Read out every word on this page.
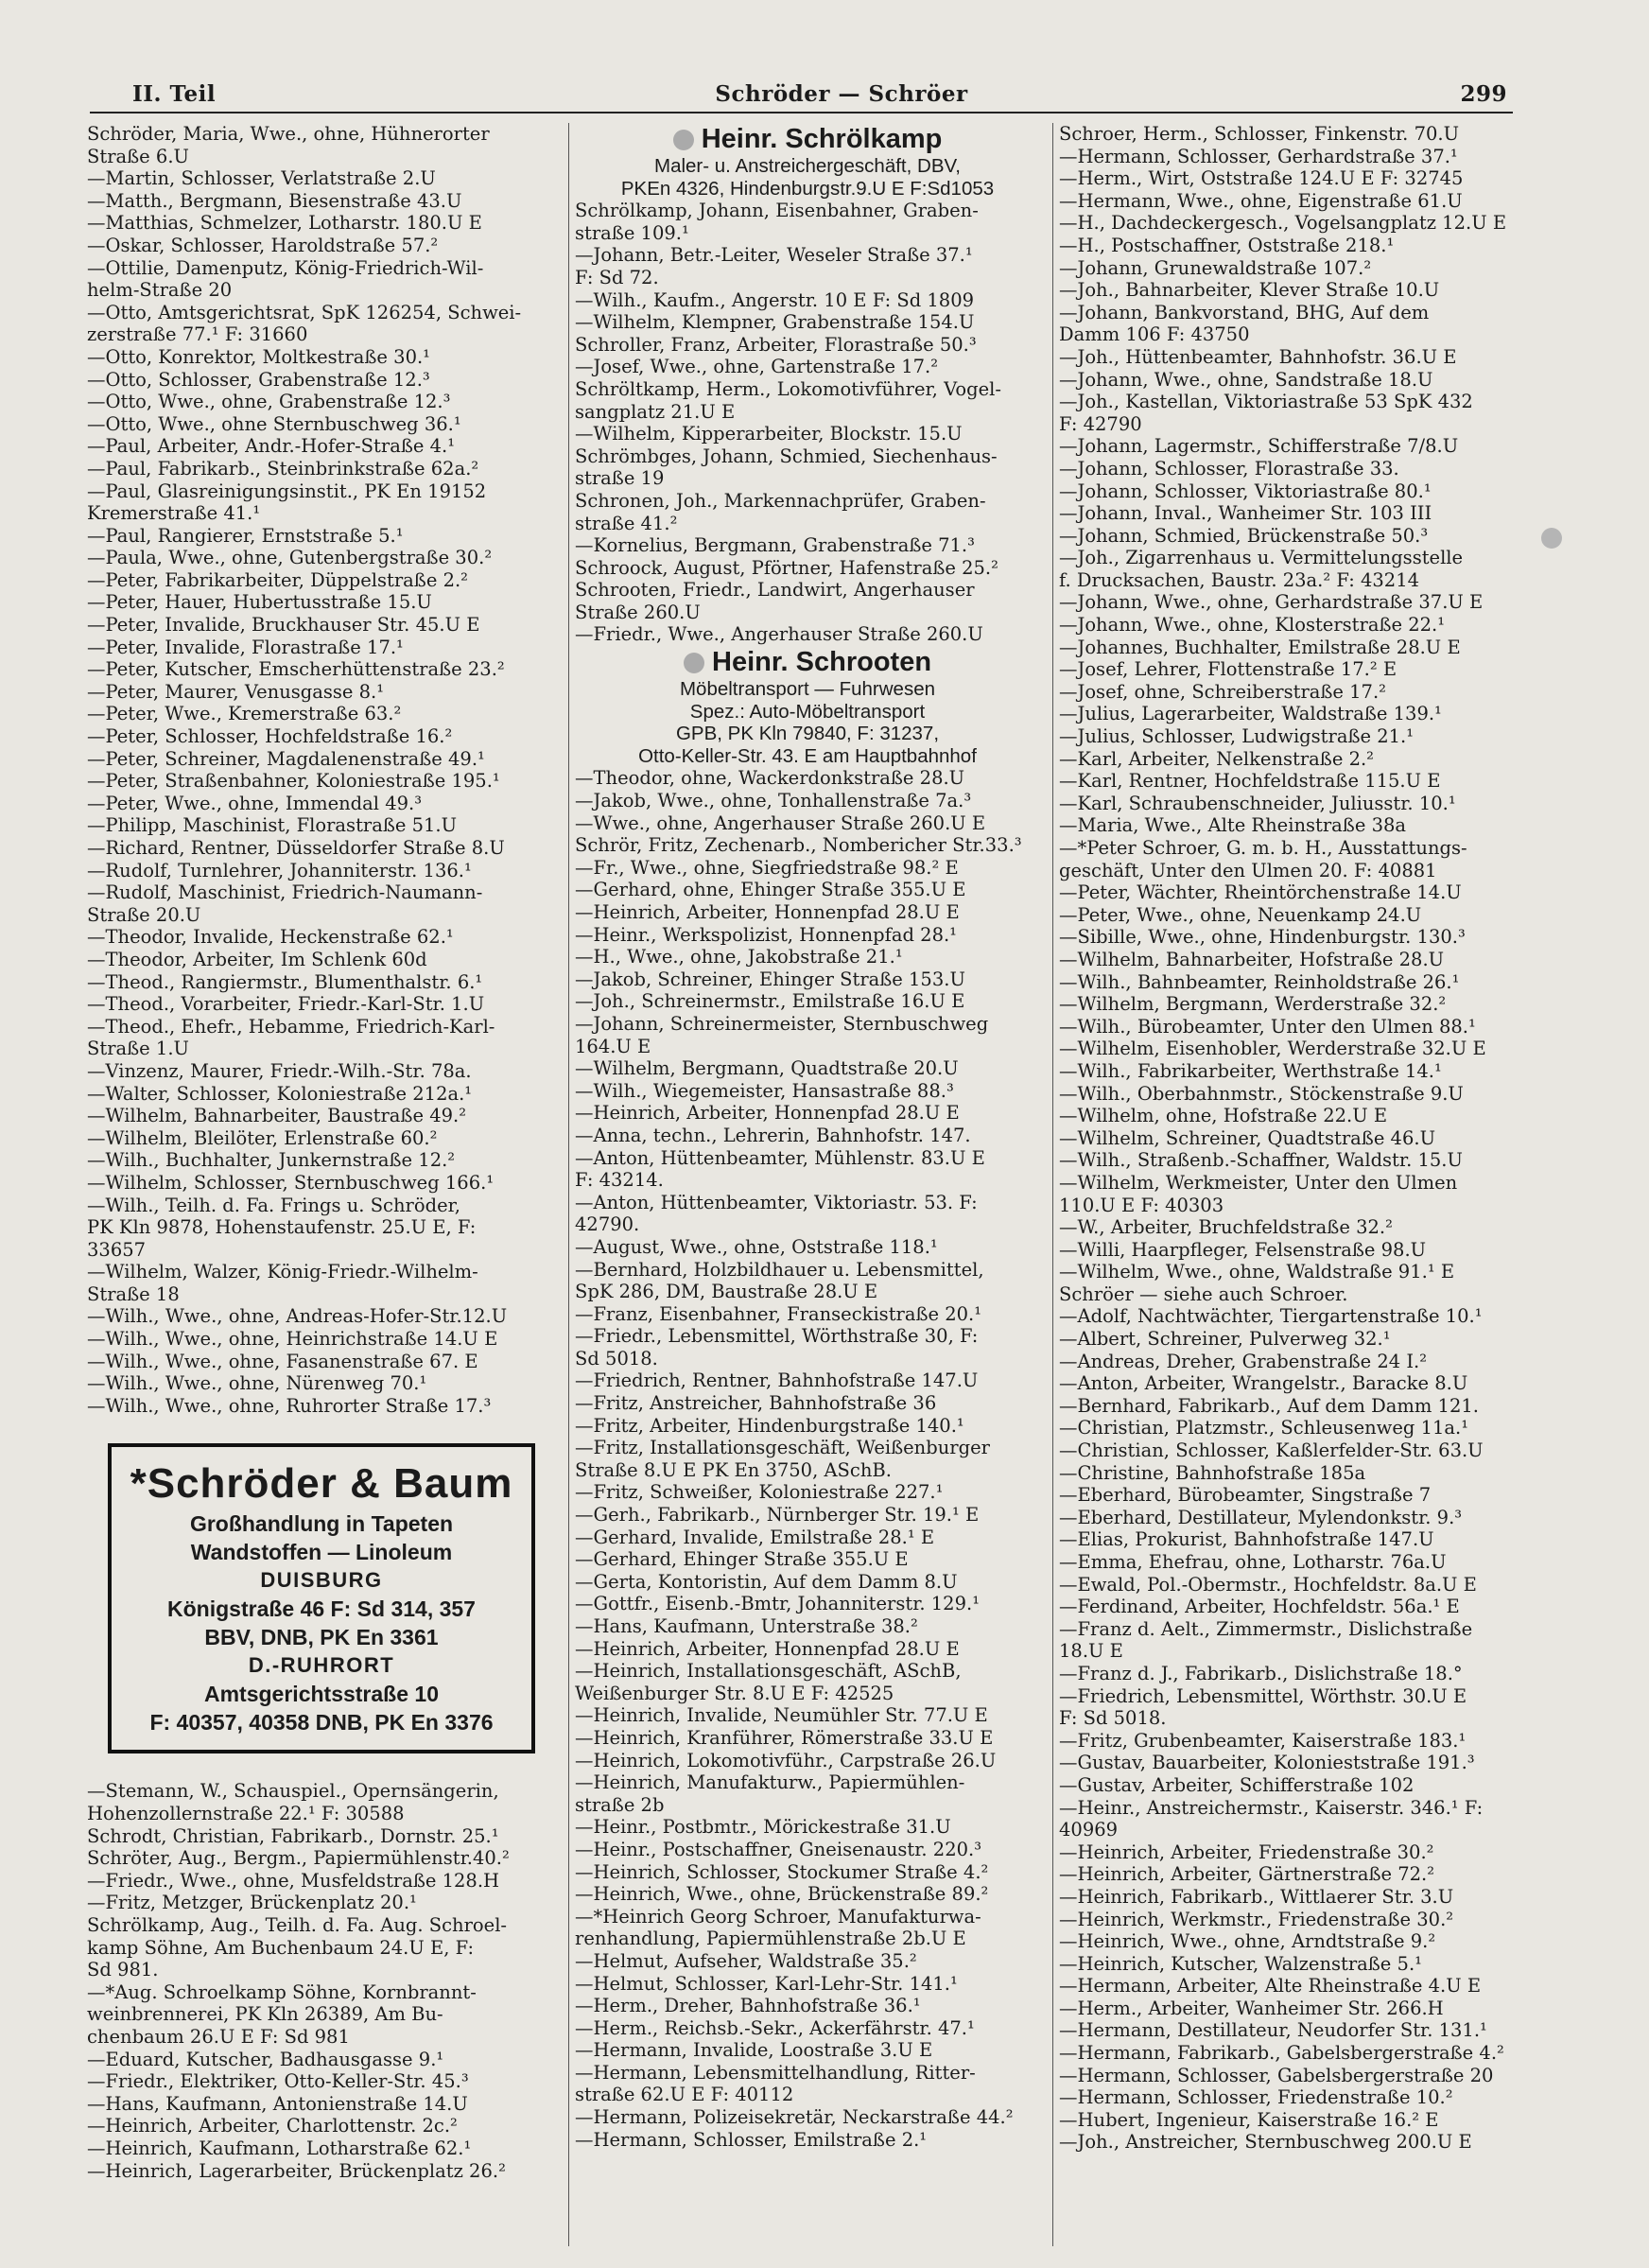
II. Teil	Schröder — Schröer	299
Schröder, Maria, Wwe., ohne, Hühnerorter
Straße 6.U
—Martin, Schlosser, Verlatstraße 2.U
—Matth., Bergmann, Biesenstraße 43.U
—Matthias, Schmelzer, Lotharstr. 180.U E
—Oskar, Schlosser, Haroldstraße 57.²
—Ottilie, Damenputz, König-Friedrich-Wil-
helm-Straße 20
—Otto, Amtsgerichtsrat, SpK 126254, Schwei-
zerstraße 77.¹ F: 31660
—Otto, Konrektor, Moltkestraße 30.¹
—Otto, Schlosser, Grabenstraße 12.³
—Otto, Wwe., ohne, Grabenstraße 12.³
—Otto, Wwe., ohne Sternbuschweg 36.¹
—Paul, Arbeiter, Andr.-Hofer-Straße 4.¹
—Paul, Fabrikarb., Steinbrinkstraße 62a.²
—Paul, Glasreinigungsinstit., PK En 19152
Kremerstraße 41.¹
—Paul, Rangierer, Ernststraße 5.¹
—Paula, Wwe., ohne, Gutenbergstraße 30.²
—Peter, Fabrikarbeiter, Düppelstraße 2.²
—Peter, Hauer, Hubertusstraße 15.U
—Peter, Invalide, Bruckhauser Str. 45.U E
—Peter, Invalide, Florastraße 17.¹
—Peter, Kutscher, Emscherhüttenstraße 23.²
—Peter, Maurer, Venusgasse 8.¹
—Peter, Wwe., Kremerstraße 63.²
—Peter, Schlosser, Hochfeldstraße 16.²
—Peter, Schreiner, Magdalenenstraße 49.¹
—Peter, Straßenbahner, Koloniestraße 195.¹
—Peter, Wwe., ohne, Immendal 49.³
—Philipp, Maschinist, Florastraße 51.U
—Richard, Rentner, Düsseldorfer Straße 8.U
—Rudolf, Turnlehrer, Johanniterstr. 136.¹
—Rudolf, Maschinist, Friedrich-Naumann-
Straße 20.U
—Theodor, Invalide, Heckenstraße 62.¹
—Theodor, Arbeiter, Im Schlenk 60d
—Theod., Rangiermstr., Blumenthalstr. 6.¹
—Theod., Vorarbeiter, Friedr.-Karl-Str. 1.U
—Theod., Ehefr., Hebamme, Friedrich-Karl-
Straße 1.U
—Vinzenz, Maurer, Friedr.-Wilh.-Str. 78a.
—Walter, Schlosser, Koloniestraße 212a.¹
—Wilhelm, Bahnarbeiter, Baustraße 49.²
—Wilhelm, Bleilöter, Erlenstraße 60.²
—Wilh., Buchhalter, Junkernstraße 12.²
—Wilhelm, Schlosser, Sternbuschweg 166.¹
—Wilh., Teilh. d. Fa. Frings u. Schröder,
PK Kln 9878, Hohenstaufenstr. 25.U E, F:
33657
—Wilhelm, Walzer, König-Friedr.-Wilhelm-
Straße 18
—Wilh., Wwe., ohne, Andreas-Hofer-Str.12.U
—Wilh., Wwe., ohne, Heinrichstraße 14.U E
—Wilh., Wwe., ohne, Fasanenstraße 67. E
—Wilh., Wwe., ohne, Nürenweg 70.¹
—Wilh., Wwe., ohne, Ruhrorter Straße 17.³
*Schröder & Baum
Großhandlung in Tapeten
Wandstoffen — Linoleum
DUISBURG
Königstraße 46 F: Sd 314, 357
BBV, DNB, PK En 3361
D.-RUHRORT
Amtsgerichtsstraße 10
F: 40357, 40358 DNB, PK En 3376
—Stemann, W., Schauspiel., Opernsängerin,
Hohenzollernstraße 22.¹ F: 30588
Schrodt, Christian, Fabrikarb., Dornstr. 25.¹
Schröter, Aug., Bergm., Papiermühlenstr.40.²
—Friedr., Wwe., ohne, Musfeldstraße 128.H
—Fritz, Metzger, Brückenplatz 20.¹
Schrölkamp, Aug., Teilh. d. Fa. Aug. Schroel-
kamp Söhne, Am Buchenbaum 24.U E, F:
Sd 981.
—*Aug. Schroelkamp Söhne, Kornbrannt-
weinbrennerei, PK Kln 26389, Am Bu-
chenbaum 26.U E F: Sd 981
—Eduard, Kutscher, Badhausgasse 9.¹
—Friedr., Elektriker, Otto-Keller-Str. 45.³
—Hans, Kaufmann, Antonienstraße 14.U
—Heinrich, Arbeiter, Charlottenstr. 2c.²
—Heinrich, Kaufmann, Lotharstraße 62.¹
—Heinrich, Lagerarbeiter, Brückenplatz 26.²
Heinr. Schrölkamp
Maler- u. Anstreichergeschäft, DBV,
PKEn 4326, Hindenburgstr.9.U E F:Sd1053
Schrölkamp, Johann, Eisenbahner, Graben-
straße 109.¹
—Johann, Betr.-Leiter, Weseler Straße 37.¹
F: Sd 72.
—Wilh., Kaufm., Angerstr. 10 E F: Sd 1809
—Wilhelm, Klempner, Grabenstraße 154.U
Schroller, Franz, Arbeiter, Florastraße 50.³
—Josef, Wwe., ohne, Gartenstraße 17.²
Schröltkamp, Herm., Lokomotivführer, Vogel-
sangplatz 21.U E
—Wilhelm, Kipperarbeiter, Blockstr. 15.U
Schrömbges, Johann, Schmied, Siechenhaus-
straße 19
Schronen, Joh., Markennachprüfer, Graben-
straße 41.²
—Kornelius, Bergmann, Grabenstraße 71.³
Schroock, August, Pförtner, Hafenstraße 25.²
Schrooten, Friedr., Landwirt, Angerhauser
Straße 260.U
—Friedr., Wwe., Angerhauser Straße 260.U
Heinr. Schrooten
Möbeltransport — Fuhrwesen
Spez.: Auto-Möbeltransport
GPB, PK Kln 79840, F: 31237,
Otto-Keller-Str. 43. E am Hauptbahnhof
—Theodor, ohne, Wackerdonkstraße 28.U
—Jakob, Wwe., ohne, Tonhallenstraße 7a.³
—Wwe., ohne, Angerhauser Straße 260.U E
Schrör, Fritz, Zechenarb., Nombericher Str.33.³
—Fr., Wwe., ohne, Siegfriedstraße 98.² E
—Gerhard, ohne, Ehinger Straße 355.U E
—Heinrich, Arbeiter, Honnenpfad 28.U E
—Heinr., Werkspolizist, Honnenpfad 28.¹
—H., Wwe., ohne, Jakobstraße 21.¹
—Jakob, Schreiner, Ehinger Straße 153.U
—Joh., Schreinermstr., Emilstraße 16.U E
—Johann, Schreinermeister, Sternbuschweg
164.U E
—Wilhelm, Bergmann, Quadtstraße 20.U
—Wilh., Wiegemeister, Hansastraße 88.³
—Heinrich, Arbeiter, Honnenpfad 28.U E
—Anna, techn., Lehrerin, Bahnhofstr. 147.
—Anton, Hüttenbeamter, Mühlenstr. 83.U E
F: 43214.
—Anton, Hüttenbeamter, Viktoriastr. 53. F:
42790.
—August, Wwe., ohne, Oststraße 118.¹
—Bernhard, Holzbildhauer u. Lebensmittel,
SpK 286, DM, Baustraße 28.U E
—Franz, Eisenbahner, Franseckistraße 20.¹
—Friedr., Lebensmittel, Wörthstraße 30, F:
Sd 5018.
—Friedrich, Rentner, Bahnhofstraße 147.U
—Fritz, Anstreicher, Bahnhofstraße 36
—Fritz, Arbeiter, Hindenburgstraße 140.¹
—Fritz, Installationsgeschäft, Weißenburger
Straße 8.U E PK En 3750, ASchB.
—Fritz, Schweißer, Koloniestraße 227.¹
—Gerh., Fabrikarb., Nürnberger Str. 19.¹ E
—Gerhard, Invalide, Emilstraße 28.¹ E
—Gerhard, Ehinger Straße 355.U E
—Gerta, Kontoristin, Auf dem Damm 8.U
—Gottfr., Eisenb.-Bmtr, Johanniterstr. 129.¹
—Hans, Kaufmann, Unterstraße 38.²
—Heinrich, Arbeiter, Honnenpfad 28.U E
—Heinrich, Installationsgeschäft, ASchB,
Weißenburger Str. 8.U E F: 42525
—Heinrich, Invalide, Neumühler Str. 77.U E
—Heinrich, Kranführer, Römerstraße 33.U E
—Heinrich, Lokomotivführ., Carpstraße 26.U
—Heinrich, Manufakturw., Papiermühlen-
straße 2b
—Heinr., Postbmtr., Mörickestraße 31.U
—Heinr., Postschaffner, Gneisenaustr. 220.³
—Heinrich, Schlosser, Stockumer Straße 4.²
—Heinrich, Wwe., ohne, Brückenstraße 89.²
—*Heinrich Georg Schroer, Manufakturwa-
renhandlung, Papiermühlenstraße 2b.U E
—Helmut, Aufseher, Waldstraße 35.²
—Helmut, Schlosser, Karl-Lehr-Str. 141.¹
—Herm., Dreher, Bahnhofstraße 36.¹
—Herm., Reichsb.-Sekr., Ackerfährstr. 47.¹
—Hermann, Invalide, Loostraße 3.U E
—Hermann, Lebensmittelhandlung, Ritter-
straße 62.U E F: 40112
—Hermann, Polizeisekretär, Neckarstraße 44.²
—Hermann, Schlosser, Emilstraße 2.¹
Schroer, Herm., Schlosser, Finkenstr. 70.U
—Hermann, Schlosser, Gerhardstraße 37.¹
—Herm., Wirt, Oststraße 124.U E F: 32745
—Hermann, Wwe., ohne, Eigenstraße 61.U
—H., Dachdeckergesch., Vogelsangplatz 12.U E
—H., Postschaffner, Oststraße 218.¹
—Johann, Grunewaldstraße 107.²
—Joh., Bahnarbeiter, Klever Straße 10.U
—Johann, Bankvorstand, BHG, Auf dem
Damm 106 F: 43750
—Joh., Hüttenbeamter, Bahnhofstr. 36.U E
—Johann, Wwe., ohne, Sandstraße 18.U
—Joh., Kastellan, Viktoriastraße 53 SpK 432
F: 42790
—Johann, Lagermstr., Schifferstraße 7/8.U
—Johann, Schlosser, Florastraße 33.
—Johann, Schlosser, Viktoriastraße 80.¹
—Johann, Inval., Wanheimer Str. 103 III
—Johann, Schmied, Brückenstraße 50.³
—Joh., Zigarrenhaus u. Vermittelungsstelle
f. Drucksachen, Baustr. 23a.² F: 43214
—Johann, Wwe., ohne, Gerhardstraße 37.U E
—Johann, Wwe., ohne, Klosterstraße 22.¹
—Johannes, Buchhalter, Emilstraße 28.U E
—Josef, Lehrer, Flottenstraße 17.² E
—Josef, ohne, Schreiberstraße 17.²
—Julius, Lagerarbeiter, Waldstraße 139.¹
—Julius, Schlosser, Ludwigstraße 21.¹
—Karl, Arbeiter, Nelkenstraße 2.²
—Karl, Rentner, Hochfeldstraße 115.U E
—Karl, Schraubenschneider, Juliusstr. 10.¹
—Maria, Wwe., Alte Rheinstraße 38a
—*Peter Schroer, G. m. b. H., Ausstattungs-
geschäft, Unter den Ulmen 20. F: 40881
—Peter, Wächter, Rheintörchenstraße 14.U
—Peter, Wwe., ohne, Neuenkamp 24.U
—Sibille, Wwe., ohne, Hindenburgstr. 130.³
—Wilhelm, Bahnarbeiter, Hofstraße 28.U
—Wilh., Bahnbeamter, Reinholdstraße 26.¹
—Wilhelm, Bergmann, Werderstraße 32.²
—Wilh., Bürobeamter, Unter den Ulmen 88.¹
—Wilhelm, Eisenhobler, Werderstraße 32.U E
—Wilh., Fabrikarbeiter, Werthstraße 14.¹
—Wilh., Oberbahnmstr., Stöckenstraße 9.U
—Wilhelm, ohne, Hofstraße 22.U E
—Wilhelm, Schreiner, Quadtstraße 46.U
—Wilh., Straßenb.-Schaffner, Waldstr. 15.U
—Wilhelm, Werkmeister, Unter den Ulmen
110.U E F: 40303
—W., Arbeiter, Bruchfeldstraße 32.²
—Willi, Haarpfleger, Felsenstraße 98.U
—Wilhelm, Wwe., ohne, Waldstraße 91.¹ E
Schröer — siehe auch Schroer.
—Adolf, Nachtwächter, Tiergartenstraße 10.¹
—Albert, Schreiner, Pulverweg 32.¹
—Andreas, Dreher, Grabenstraße 24 I.²
—Anton, Arbeiter, Wrangelstr., Baracke 8.U
—Bernhard, Fabrikarb., Auf dem Damm 121.
—Christian, Platzmstr., Schleusenweg 11a.¹
—Christian, Schlosser, Kaßlerfelder-Str. 63.U
—Christine, Bahnhofstraße 185a
—Eberhard, Bürobeamter, Singstraße 7
—Eberhard, Destillateur, Mylendonkstr. 9.³
—Elias, Prokurist, Bahnhofstraße 147.U
—Emma, Ehefrau, ohne, Lotharstr. 76a.U
—Ewald, Pol.-Obermstr., Hochfeldstr. 8a.U E
—Ferdinand, Arbeiter, Hochfeldstr. 56a.¹ E
—Franz d. Aelt., Zimmermstr., Dislichstraße
18.U E
—Franz d. J., Fabrikarb., Dislichstraße 18.°
—Friedrich, Lebensmittel, Wörthstr. 30.U E
F: Sd 5018.
—Fritz, Grubenbeamter, Kaiserstraße 183.¹
—Gustav, Bauarbeiter, Kolonieststraße 191.³
—Gustav, Arbeiter, Schifferstraße 102
—Heinr., Anstreichermstr., Kaiserstr. 346.¹ F:
40969
—Heinrich, Arbeiter, Friedenstraße 30.²
—Heinrich, Arbeiter, Gärtnerstraße 72.²
—Heinrich, Fabrikarb., Wittlaerer Str. 3.U
—Heinrich, Werkmstr., Friedenstraße 30.²
—Heinrich, Wwe., ohne, Arndtstraße 9.²
—Heinrich, Kutscher, Walzenstraße 5.¹
—Hermann, Arbeiter, Alte Rheinstraße 4.U E
—Herm., Arbeiter, Wanheimer Str. 266.H
—Hermann, Destillateur, Neudorfer Str. 131.¹
—Hermann, Fabrikarb., Gabelsbergerstraße 4.²
—Hermann, Schlosser, Gabelsbergerstraße 20
—Hermann, Schlosser, Friedenstraße 10.²
—Hubert, Ingenieur, Kaiserstraße 16.² E
—Joh., Anstreicher, Sternbuschweg 200.U E
